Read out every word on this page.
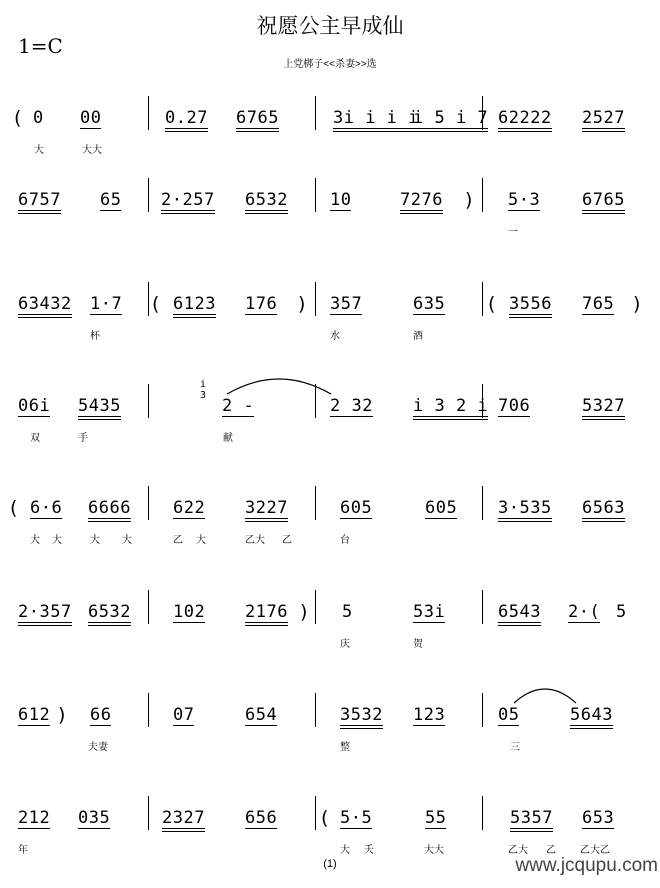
祝愿公主早成仙
上党梆子<<杀妻>>选
1=C
( 0 00
大	大大
0.27 6765	3i i i i
i 5 i 7 62222 2527
6757 65 2·257 6532 10	7276 ) 5·3 6765
一
63432 1·7
杯
( 6123 176 ) 357	635
水	酒
( 3556 765 )
06i 5435
双	手
i̇
3
2 -
献
2 32 i 3 2 i 706	5327
( 6·6 6666
大 大	大 大
622 3227
乙 大	乙大 乙
605	605
台
3·535 6563
2·357 6532 102 2176 ) 5	53i
庆	贺
6543 2·( 5
612 ) 66
夫妻
07	654	3532 123
整
05	5643
三
212 035
年
2327 656 ( 5·5	55
大 夭	大大
5357 653
乙大 乙 乙大乙
(1)	www.jcqupu.com
